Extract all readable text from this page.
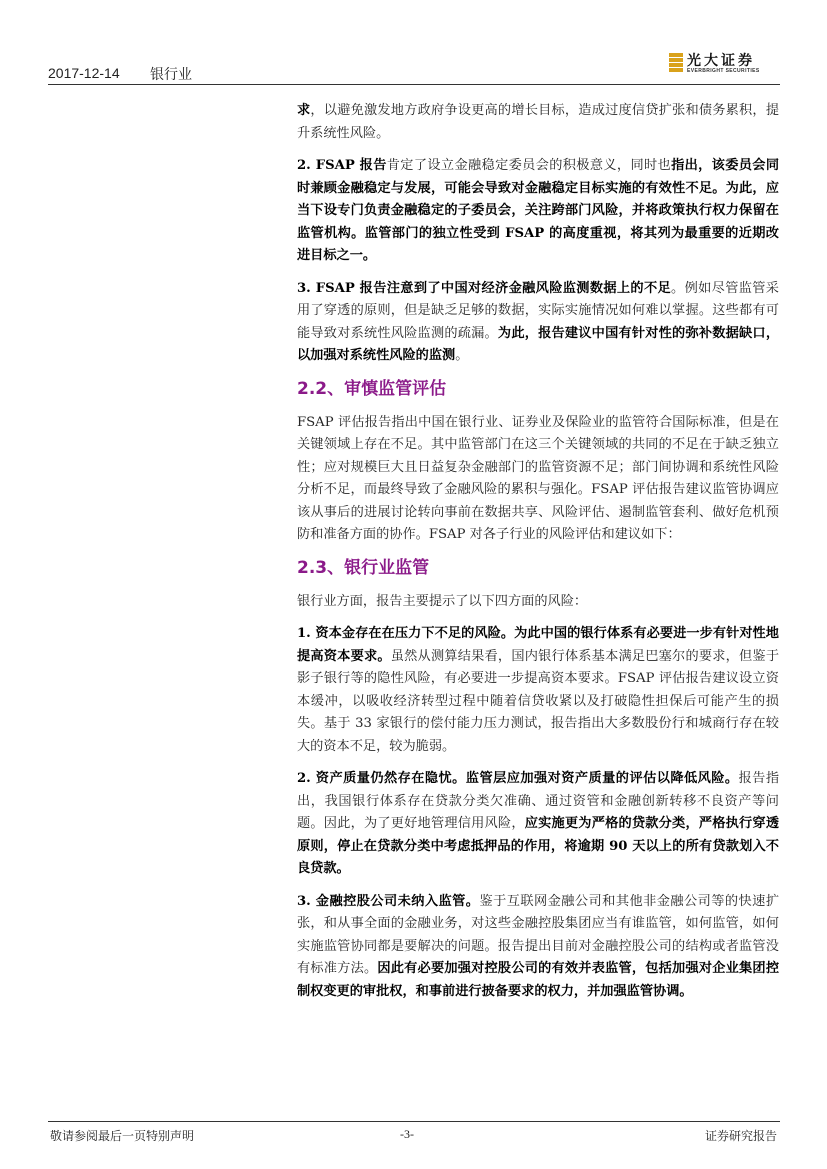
2017-12-14 银行业
光大证券
EVERBRIGHT SECURITIES

求，以避免激发地方政府争设更高的增长目标，造成过度信贷扩张和债务累积，提升系统性风险。

2. FSAP 报告肯定了设立金融稳定委员会的积极意义，同时也指出，该委员会同时兼顾金融稳定与发展，可能会导致对金融稳定目标实施的有效性不足。为此，应当下设专门负责金融稳定的子委员会，关注跨部门风险，并将政策执行权力保留在监管机构。监管部门的独立性受到 FSAP 的高度重视，将其列为最重要的近期改进目标之一。

3. FSAP 报告注意到了中国对经济金融风险监测数据上的不足。例如尽管监管采用了穿透的原则，但是缺乏足够的数据，实际实施情况如何难以掌握。这些都有可能导致对系统性风险监测的疏漏。为此，报告建议中国有针对性的弥补数据缺口，以加强对系统性风险的监测。

2.2、审慎监管评估

FSAP 评估报告指出中国在银行业、证券业及保险业的监管符合国际标准，但是在关键领域上存在不足。其中监管部门在这三个关键领域的共同的不足在于缺乏独立性；应对规模巨大且日益复杂金融部门的监管资源不足；部门间协调和系统性风险分析不足，而最终导致了金融风险的累积与强化。FSAP 评估报告建议监管协调应该从事后的进展讨论转向事前在数据共享、风险评估、遏制监管套利、做好危机预防和准备方面的协作。FSAP 对各子行业的风险评估和建议如下：

2.3、银行业监管

银行业方面，报告主要提示了以下四方面的风险：

1. 资本金存在在压力下不足的风险。为此中国的银行体系有必要进一步有针对性地提高资本要求。虽然从测算结果看，国内银行体系基本满足巴塞尔的要求，但鉴于影子银行等的隐性风险，有必要进一步提高资本要求。FSAP 评估报告建议设立资本缓冲，以吸收经济转型过程中随着信贷收紧以及打破隐性担保后可能产生的损失。基于 33 家银行的偿付能力压力测试，报告指出大多数股份行和城商行存在较大的资本不足，较为脆弱。

2. 资产质量仍然存在隐忧。监管层应加强对资产质量的评估以降低风险。报告指出，我国银行体系存在贷款分类欠准确、通过资管和金融创新转移不良资产等问题。因此，为了更好地管理信用风险，应实施更为严格的贷款分类，严格执行穿透原则，停止在贷款分类中考虑抵押品的作用，将逾期 90 天以上的所有贷款划入不良贷款。

3. 金融控股公司未纳入监管。鉴于互联网金融公司和其他非金融公司等的快速扩张，和从事全面的金融业务，对这些金融控股集团应当有谁监管，如何监管，如何实施监管协同都是要解决的问题。报告提出目前对金融控股公司的结构或者监管没有标准方法。因此有必要加强对控股公司的有效并表监管，包括加强对企业集团控制权变更的审批权，和事前进行披备要求的权力，并加强监管协调。

敬请参阅最后一页特别声明	-3-	证券研究报告
